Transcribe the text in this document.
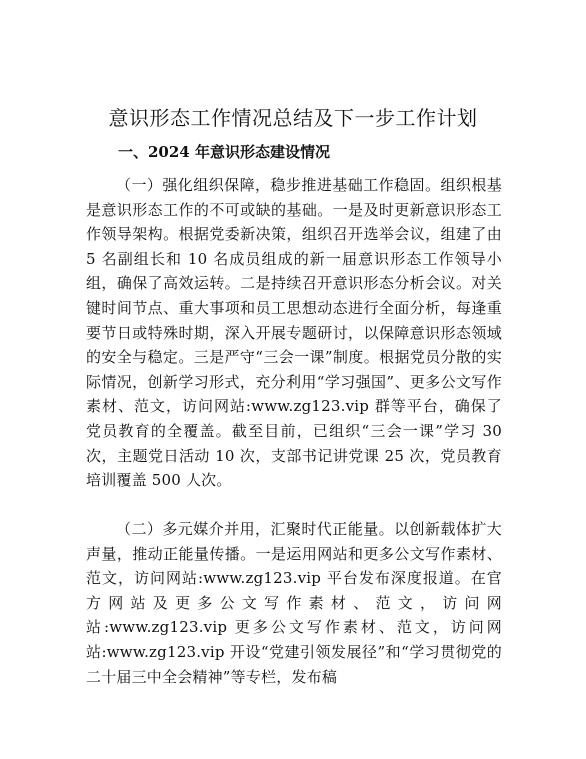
意识形态工作情况总结及下一步工作计划
一、2024 年意识形态建设情况

（一）强化组织保障，稳步推进基础工作稳固。组织根基是意识形态工作的不可或缺的基础。一是及时更新意识形态工作领导架构。根据党委新决策，组织召开选举会议，组建了由 5 名副组长和 10 名成员组成的新一届意识形态工作领导小组，确保了高效运转。二是持续召开意识形态分析会议。对关键时间节点、重大事项和员工思想动态进行全面分析，每逢重要节日或特殊时期，深入开展专题研讨，以保障意识形态领域的安全与稳定。三是严守“三会一课”制度。根据党员分散的实际情况，创新学习形式，充分利用“学习强国”、更多公文写作素材、范文，访问网站:www.zg123.vip 群等平台，确保了党员教育的全覆盖。截至目前，已组织“三会一课”学习 30 次，主题党日活动 10 次，支部书记讲党课 25 次，党员教育培训覆盖 500 人次。

（二）多元媒介并用，汇聚时代正能量。以创新载体扩大声量，推动正能量传播。一是运用网站和更多公文写作素材、范文，访问网站:www.zg123.vip 平台发布深度报道。在官方网站及更多公文写作素材、范文，访问网站:www.zg123.vip 更多公文写作素材、范文，访问网站:www.zg123.vip 开设“党建引领发展径”和“学习贯彻党的二十届三中全会精神”等专栏，发布稿
